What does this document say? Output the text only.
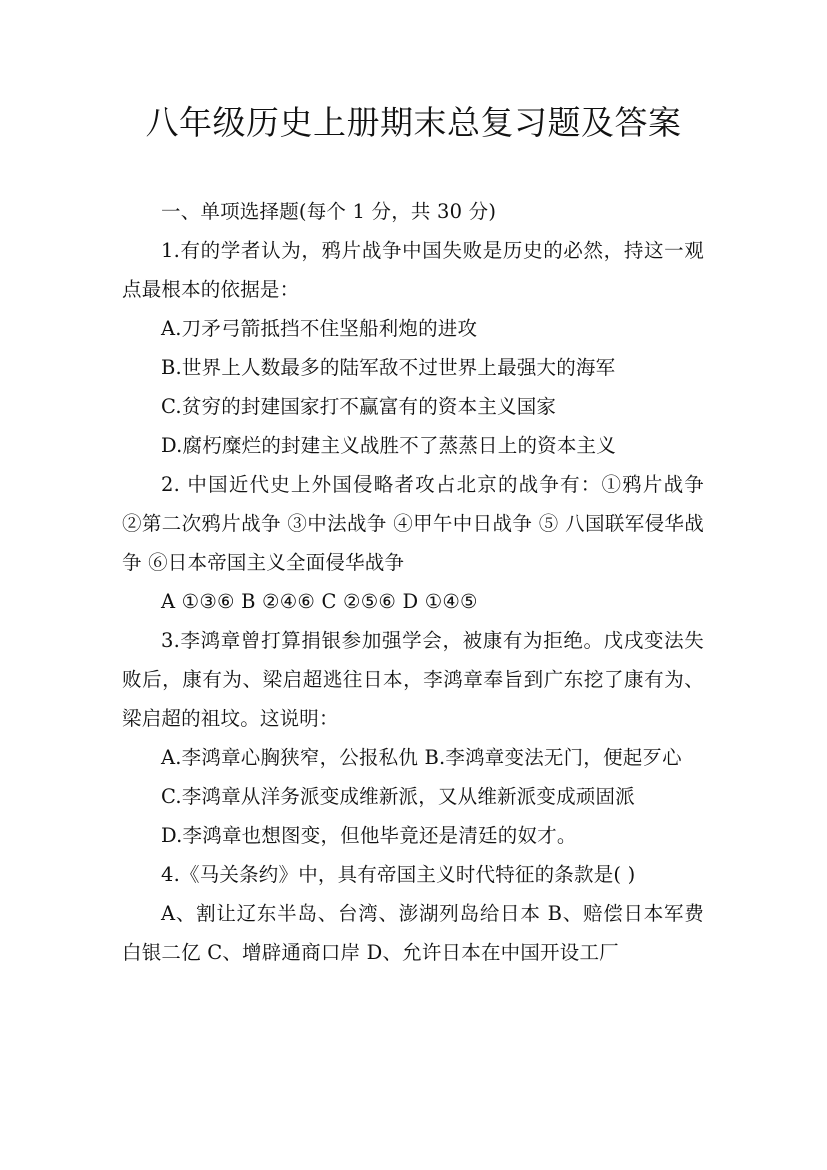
八年级历史上册期末总复习题及答案

一、单项选择题(每个 1 分，共 30 分)

1.有的学者认为，鸦片战争中国失败是历史的必然，持这一观点最根本的依据是：

A.刀矛弓箭抵挡不住坚船利炮的进攻

B.世界上人数最多的陆军敌不过世界上最强大的海军

C.贫穷的封建国家打不赢富有的资本主义国家

D.腐朽糜烂的封建主义战胜不了蒸蒸日上的资本主义

2. 中国近代史上外国侵略者攻占北京的战争有：①鸦片战争 ②第二次鸦片战争 ③中法战争 ④甲午中日战争 ⑤ 八国联军侵华战争 ⑥日本帝国主义全面侵华战争

A ①③⑥ B ②④⑥ C ②⑤⑥ D ①④⑤

3.李鸿章曾打算捐银参加强学会，被康有为拒绝。戊戌变法失败后，康有为、梁启超逃往日本，李鸿章奉旨到广东挖了康有为、梁启超的祖坟。这说明：

A.李鸿章心胸狭窄，公报私仇 B.李鸿章变法无门，便起歹心

C.李鸿章从洋务派变成维新派，又从维新派变成顽固派

D.李鸿章也想图变，但他毕竟还是清廷的奴才。

4.《马关条约》中，具有帝国主义时代特征的条款是( )

A、割让辽东半岛、台湾、澎湖列岛给日本 B、赔偿日本军费白银二亿 C、增辟通商口岸 D、允许日本在中国开设工厂
